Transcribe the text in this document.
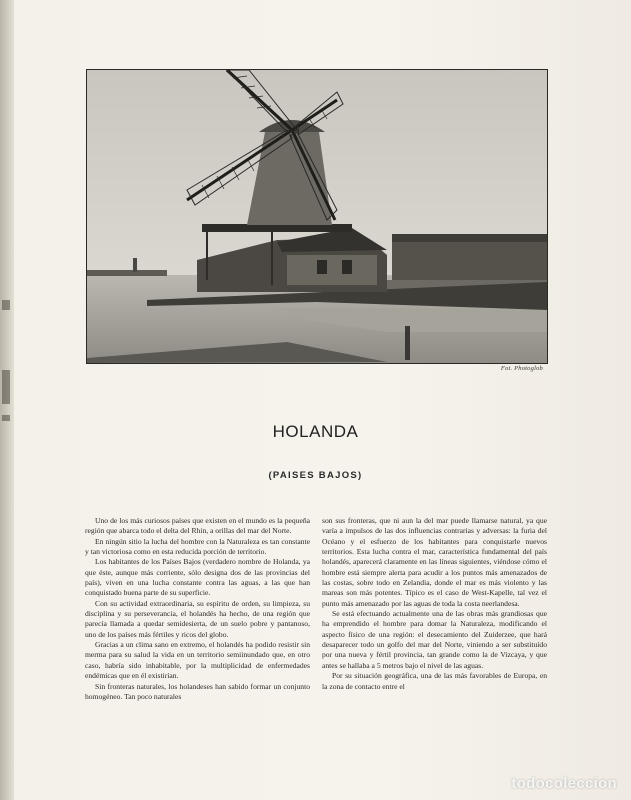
Fot. Photoglob
HOLANDA
(PAISES BAJOS)

Uno de los más curiosos países que existen en el mundo es la pequeña región que abarca todo el delta del Rhin, a orillas del mar del Norte.

En ningún sitio la lucha del hombre con la Naturaleza es tan constante y tan victoriosa como en esta reducida porción de territorio.

Los habitantes de los Países Bajos (verdadero nombre de Holanda, ya que éste, aunque más corriente, sólo designa dos de las provincias del país), viven en una lucha constante contra las aguas, a las que han conquistado buena parte de su superficie.

Con su actividad extraordinaria, su espíritu de orden, su limpieza, su disciplina y su perseverancia, el holandés ha hecho, de una región que parecía llamada a quedar semidesierta, de un suelo pobre y pantanoso, uno de los países más fértiles y ricos del globo.

Gracias a un clima sano en extremo, el holandés ha podido resistir sin merma para su salud la vida en un territorio semiinundado que, en otro caso, habría sido inhabitable, por la multiplicidad de enfermedades endémicas que en él existirían.

Sin fronteras naturales, los holandeses han sabido formar un conjunto homogéneo. Tan poco naturales

son sus fronteras, que ni aun la del mar puede llamarse natural, ya que varía a impulsos de las dos influencias contrarias y adversas: la furia del Océano y el esfuerzo de los habitantes para conquistarle nuevos territorios. Esta lucha contra el mar, característica fundamental del país holandés, aparecerá claramente en las líneas siguientes, viéndose cómo el hombre está siempre alerta para acudir a los puntos más amenazados de las costas, sobre todo en Zelandia, donde el mar es más violento y las mareas son más potentes. Típico es el caso de West-Kapelle, tal vez el punto más amenazado por las aguas de toda la costa neerlandesa.

Se está efectuando actualmente una de las obras más grandiosas que ha emprendido el hombre para domar la Naturaleza, modificando el aspecto físico de una región: el desecamiento del Zuiderzee, que hará desaparecer todo un golfo del mar del Norte, viniendo a ser substituído por una nueva y fértil provincia, tan grande como la de Vizcaya, y que antes se hallaba a 5 metros bajo el nivel de las aguas.

Por su situación geográfica, una de las más favorables de Europa, en la zona de contacto entre el

todocoleccion
